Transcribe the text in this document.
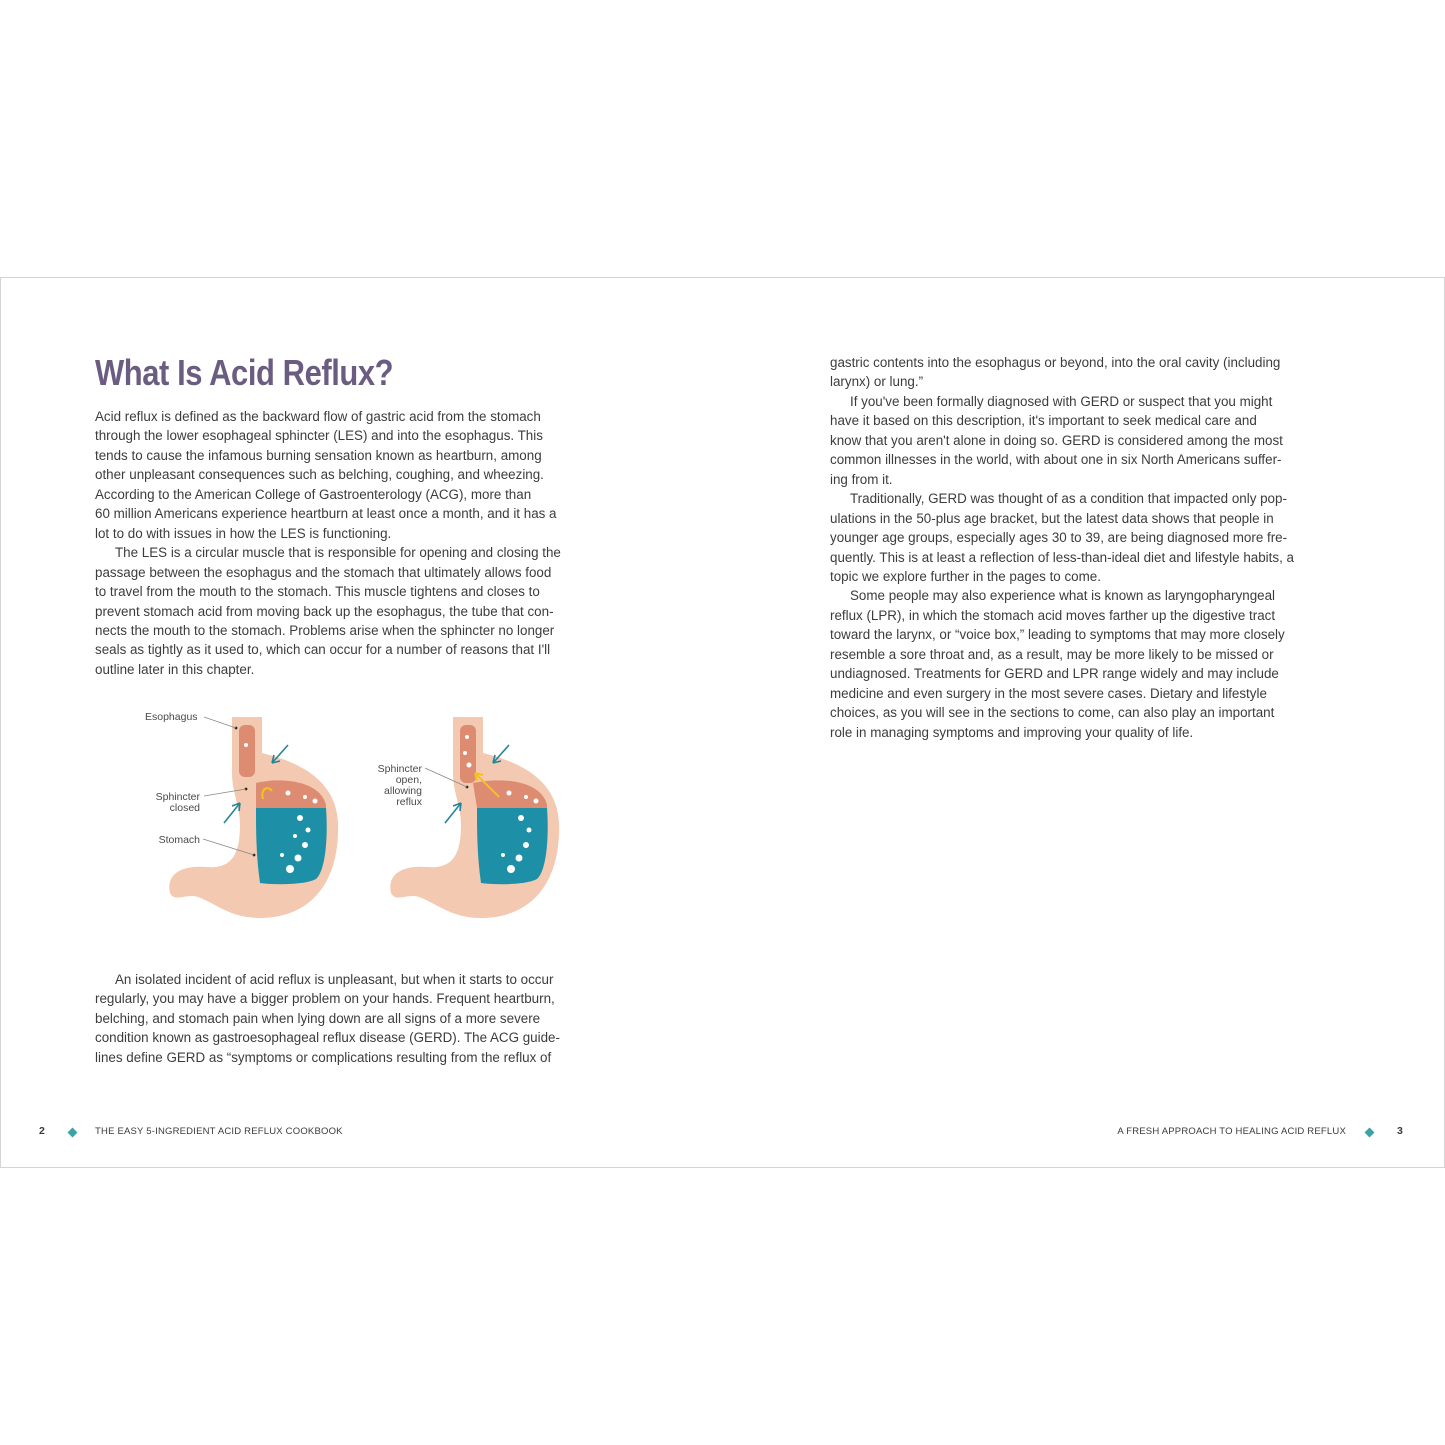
What Is Acid Reflux?

Acid reflux is defined as the backward flow of gastric acid from the stomach
through the lower esophageal sphincter (LES) and into the esophagus. This
tends to cause the infamous burning sensation known as heartburn, among
other unpleasant consequences such as belching, coughing, and wheezing.
According to the American College of Gastroenterology (ACG), more than
60 million Americans experience heartburn at least once a month, and it has a
lot to do with issues in how the LES is functioning.

The LES is a circular muscle that is responsible for opening and closing the
passage between the esophagus and the stomach that ultimately allows food
to travel from the mouth to the stomach. This muscle tightens and closes to
prevent stomach acid from moving back up the esophagus, the tube that con-
nects the mouth to the stomach. Problems arise when the sphincter no longer
seals as tightly as it used to, which can occur for a number of reasons that I'll
outline later in this chapter.

Esophagus
Sphincter
closed
Stomach
Sphincter
open,
allowing
reflux

An isolated incident of acid reflux is unpleasant, but when it starts to occur
regularly, you may have a bigger problem on your hands. Frequent heartburn,
belching, and stomach pain when lying down are all signs of a more severe
condition known as gastroesophageal reflux disease (GERD). The ACG guide-
lines define GERD as “symptoms or complications resulting from the reflux of

gastric contents into the esophagus or beyond, into the oral cavity (including
larynx) or lung.”

If you've been formally diagnosed with GERD or suspect that you might
have it based on this description, it's important to seek medical care and
know that you aren't alone in doing so. GERD is considered among the most
common illnesses in the world, with about one in six North Americans suffer-
ing from it.

Traditionally, GERD was thought of as a condition that impacted only pop-
ulations in the 50-plus age bracket, but the latest data shows that people in
younger age groups, especially ages 30 to 39, are being diagnosed more fre-
quently. This is at least a reflection of less-than-ideal diet and lifestyle habits, a
topic we explore further in the pages to come.

Some people may also experience what is known as laryngopharyngeal
reflux (LPR), in which the stomach acid moves farther up the digestive tract
toward the larynx, or “voice box,” leading to symptoms that may more closely
resemble a sore throat and, as a result, may be more likely to be missed or
undiagnosed. Treatments for GERD and LPR range widely and may include
medicine and even surgery in the most severe cases. Dietary and lifestyle
choices, as you will see in the sections to come, can also play an important
role in managing symptoms and improving your quality of life.

2	THE EASY 5-INGREDIENT ACID REFLUX COOKBOOK	A FRESH APPROACH TO HEALING ACID REFLUX	3
